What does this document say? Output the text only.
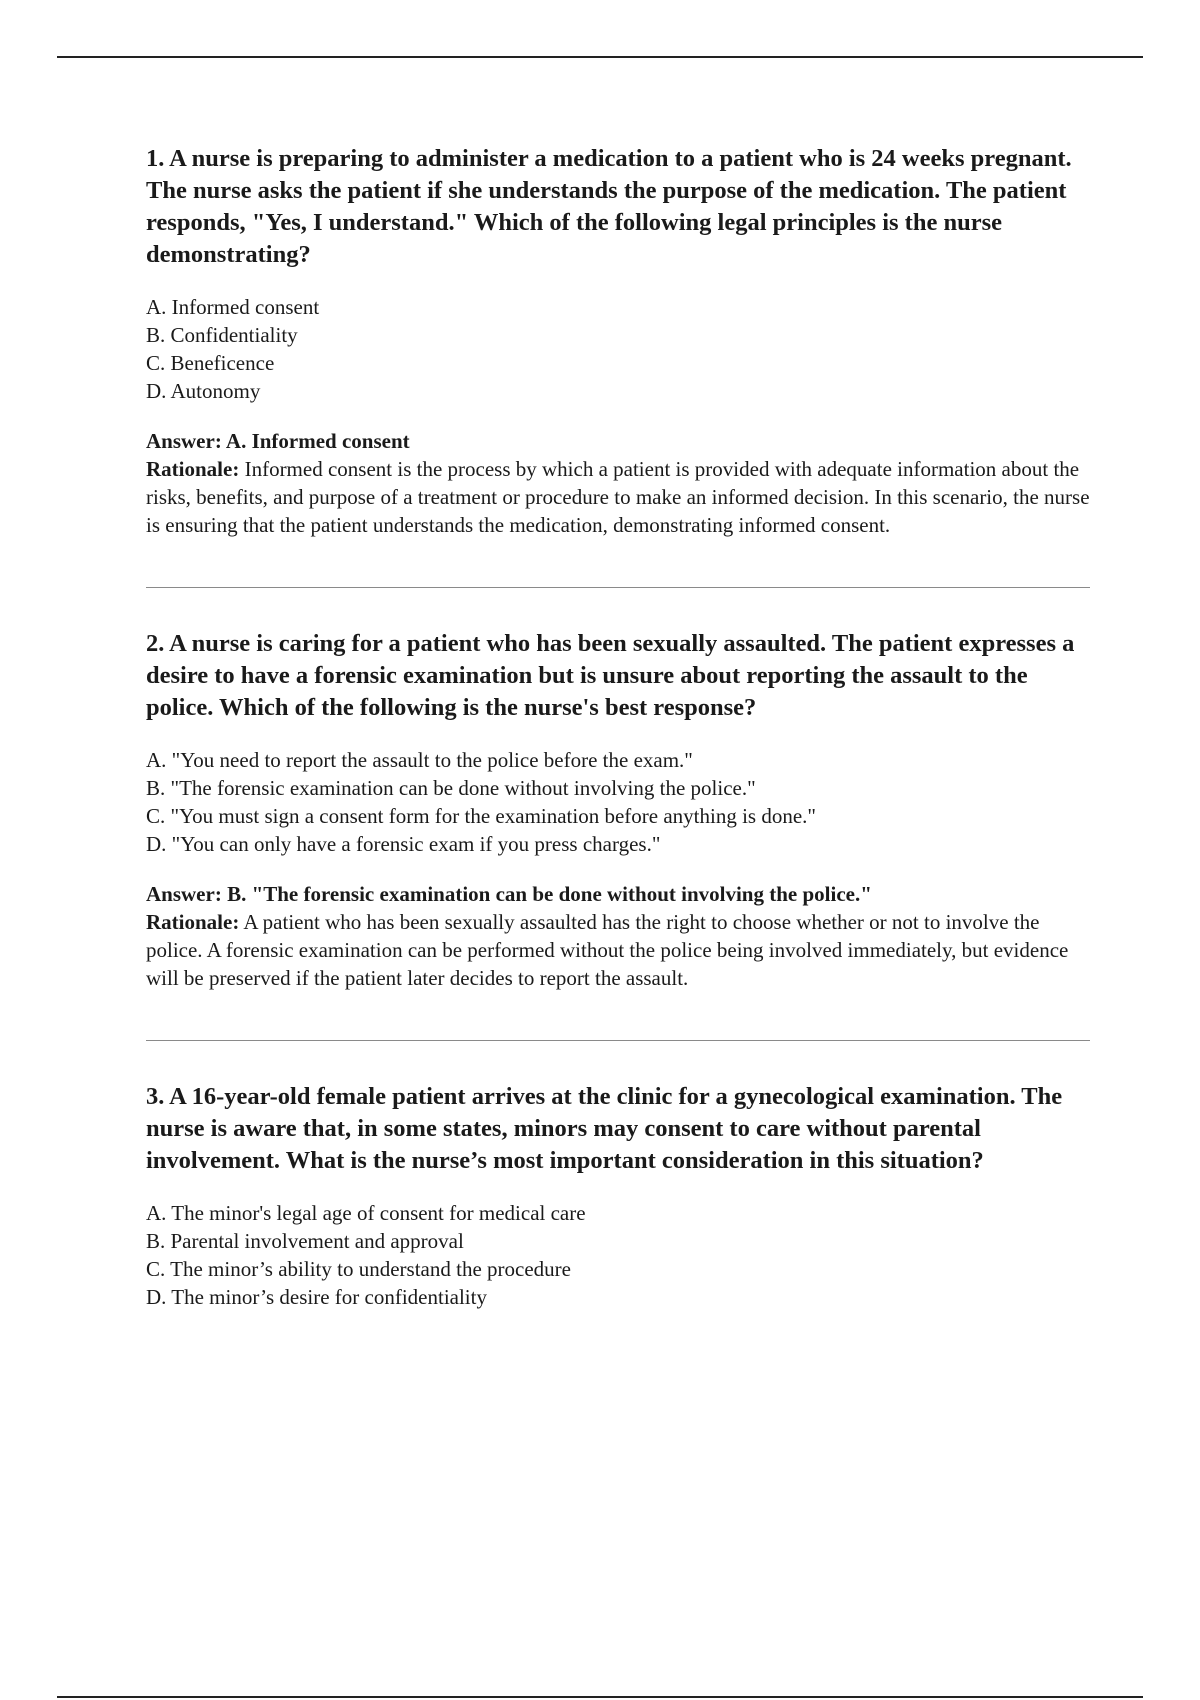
1. A nurse is preparing to administer a medication to a patient who is 24 weeks pregnant. The nurse asks the patient if she understands the purpose of the medication. The patient responds, "Yes, I understand." Which of the following legal principles is the nurse demonstrating?

A. Informed consent
B. Confidentiality
C. Beneficence
D. Autonomy
Answer: A. Informed consent
Rationale: Informed consent is the process by which a patient is provided with adequate information about the risks, benefits, and purpose of a treatment or procedure to make an informed decision. In this scenario, the nurse is ensuring that the patient understands the medication, demonstrating informed consent.

2. A nurse is caring for a patient who has been sexually assaulted. The patient expresses a desire to have a forensic examination but is unsure about reporting the assault to the police. Which of the following is the nurse's best response?

A. "You need to report the assault to the police before the exam."
B. "The forensic examination can be done without involving the police."
C. "You must sign a consent form for the examination before anything is done."
D. "You can only have a forensic exam if you press charges."
Answer: B. "The forensic examination can be done without involving the police."
Rationale: A patient who has been sexually assaulted has the right to choose whether or not to involve the police. A forensic examination can be performed without the police being involved immediately, but evidence will be preserved if the patient later decides to report the assault.

3. A 16-year-old female patient arrives at the clinic for a gynecological examination. The nurse is aware that, in some states, minors may consent to care without parental involvement. What is the nurse’s most important consideration in this situation?

A. The minor's legal age of consent for medical care
B. Parental involvement and approval
C. The minor’s ability to understand the procedure
D. The minor’s desire for confidentiality
